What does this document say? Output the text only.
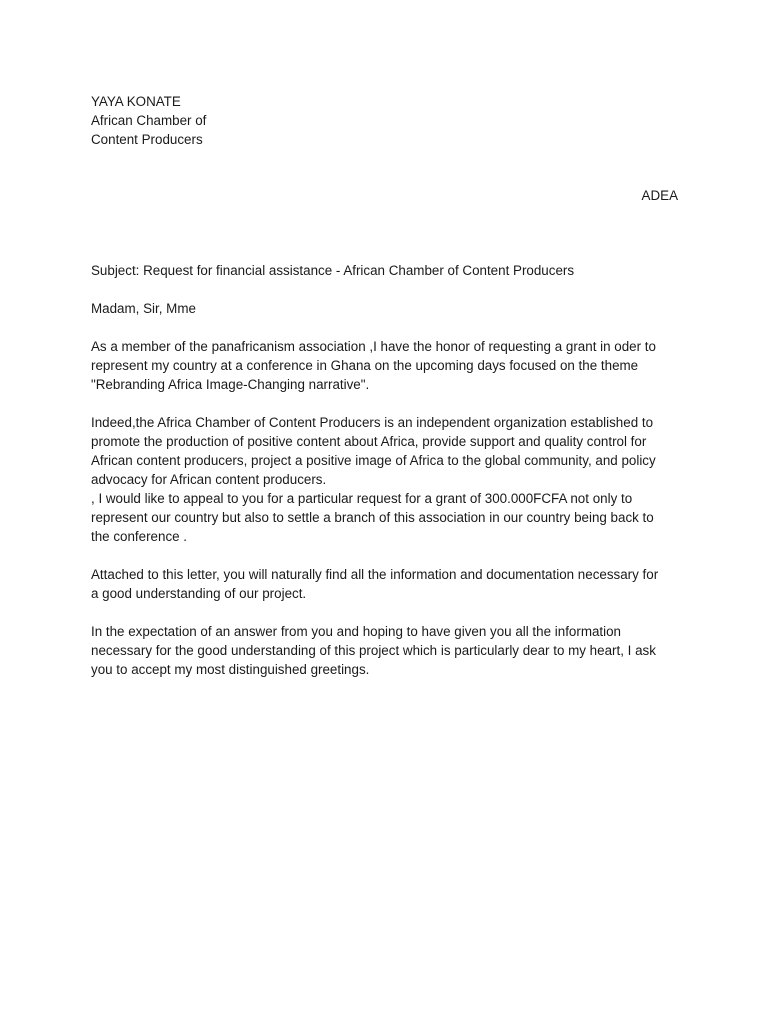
YAYA KONATE
African Chamber of
Content Producers
ADEA

Subject: Request for financial assistance - African Chamber of Content Producers

Madam, Sir, Mme

As a member of the panafricanism association ,I have the honor of requesting a grant in oder to
represent my country at a conference in Ghana on the upcoming days focused on the theme
"Rebranding Africa Image-Changing narrative".

Indeed,the Africa Chamber of Content Producers is an independent organization established to
promote the production of positive content about Africa, provide support and quality control for
African content producers, project a positive image of Africa to the global community, and policy
advocacy for African content producers.
, I would like to appeal to you for a particular request for a grant of 300.000FCFA not only to
represent our country but also to settle a branch of this association in our country being back to
the conference .

Attached to this letter, you will naturally find all the information and documentation necessary for
a good understanding of our project.

In the expectation of an answer from you and hoping to have given you all the information
necessary for the good understanding of this project which is particularly dear to my heart, I ask
you to accept my most distinguished greetings.
